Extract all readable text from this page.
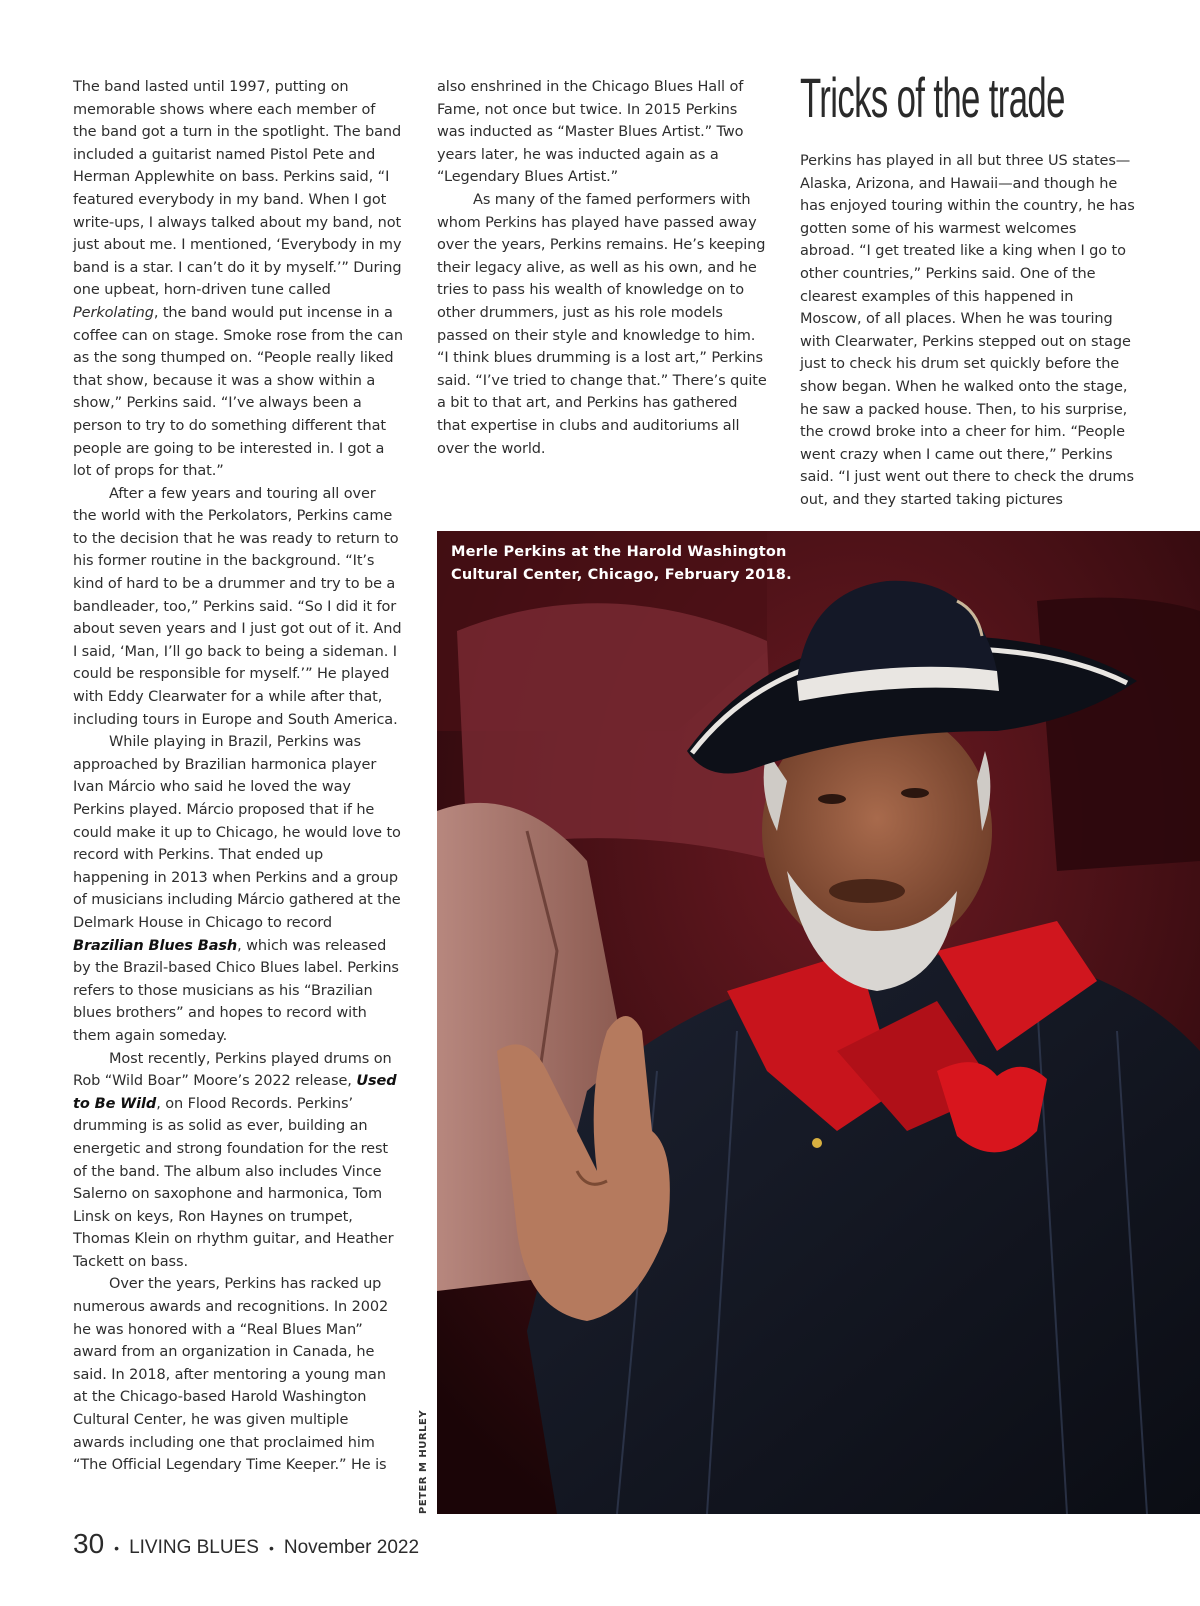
The band lasted until 1997, putting on memorable shows where each member of the band got a turn in the spotlight. The band included a guitarist named Pistol Pete and Herman Applewhite on bass. Perkins said, “I featured everybody in my band. When I got write-ups, I always talked about my band, not just about me. I mentioned, ‘Everybody in my band is a star. I can’t do it by myself.’” During one upbeat, horn-driven tune called Perkolating, the band would put incense in a coffee can on stage. Smoke rose from the can as the song thumped on. “People really liked that show, because it was a show within a show,” Perkins said. “I’ve always been a person to try to do something different that people are going to be interested in. I got a lot of props for that.”

After a few years and touring all over the world with the Perkolators, Perkins came to the decision that he was ready to return to his former routine in the background. “It’s kind of hard to be a drummer and try to be a bandleader, too,” Perkins said. “So I did it for about seven years and I just got out of it. And I said, ‘Man, I’ll go back to being a sideman. I could be responsible for myself.’” He played with Eddy Clearwater for a while after that, including tours in Europe and South America.

While playing in Brazil, Perkins was approached by Brazilian harmonica player Ivan Márcio who said he loved the way Perkins played. Márcio proposed that if he could make it up to Chicago, he would love to record with Perkins. That ended up happening in 2013 when Perkins and a group of musicians including Márcio gathered at the Delmark House in Chicago to record Brazilian Blues Bash, which was released by the Brazil-based Chico Blues label. Perkins refers to those musicians as his “Brazilian blues brothers” and hopes to record with them again someday.

Most recently, Perkins played drums on Rob “Wild Boar” Moore’s 2022 release, Used to Be Wild, on Flood Records. Perkins’ drumming is as solid as ever, building an energetic and strong foundation for the rest of the band. The album also includes Vince Salerno on saxophone and harmonica, Tom Linsk on keys, Ron Haynes on trumpet, Thomas Klein on rhythm guitar, and Heather Tackett on bass.

Over the years, Perkins has racked up numerous awards and recognitions. In 2002 he was honored with a “Real Blues Man” award from an organization in Canada, he said. In 2018, after mentoring a young man at the Chicago-based Harold Washington Cultural Center, he was given multiple awards including one that proclaimed him “The Official Legendary Time Keeper.” He is

also enshrined in the Chicago Blues Hall of Fame, not once but twice. In 2015 Perkins was inducted as “Master Blues Artist.” Two years later, he was inducted again as a “Legendary Blues Artist.”

As many of the famed performers with whom Perkins has played have passed away over the years, Perkins remains. He’s keeping their legacy alive, as well as his own, and he tries to pass his wealth of knowledge on to other drummers, just as his role models passed on their style and knowledge to him. “I think blues drumming is a lost art,” Perkins said. “I’ve tried to change that.” There’s quite a bit to that art, and Perkins has gathered that expertise in clubs and auditoriums all over the world.

Tricks of the trade

Perkins has played in all but three US states—Alaska, Arizona, and Hawaii—and though he has enjoyed touring within the country, he has gotten some of his warmest welcomes abroad. “I get treated like a king when I go to other countries,” Perkins said. One of the clearest examples of this happened in Moscow, of all places. When he was touring with Clearwater, Perkins stepped out on stage just to check his drum set quickly before the show began. When he walked onto the stage, he saw a packed house. Then, to his surprise, the crowd broke into a cheer for him. “People went crazy when I came out there,” Perkins said. “I just went out there to check the drums out, and they started taking pictures

Merle Perkins at the Harold Washington Cultural Center, Chicago, February 2018.
PETER M HURLEY
30 • LIVING BLUES • November 2022
